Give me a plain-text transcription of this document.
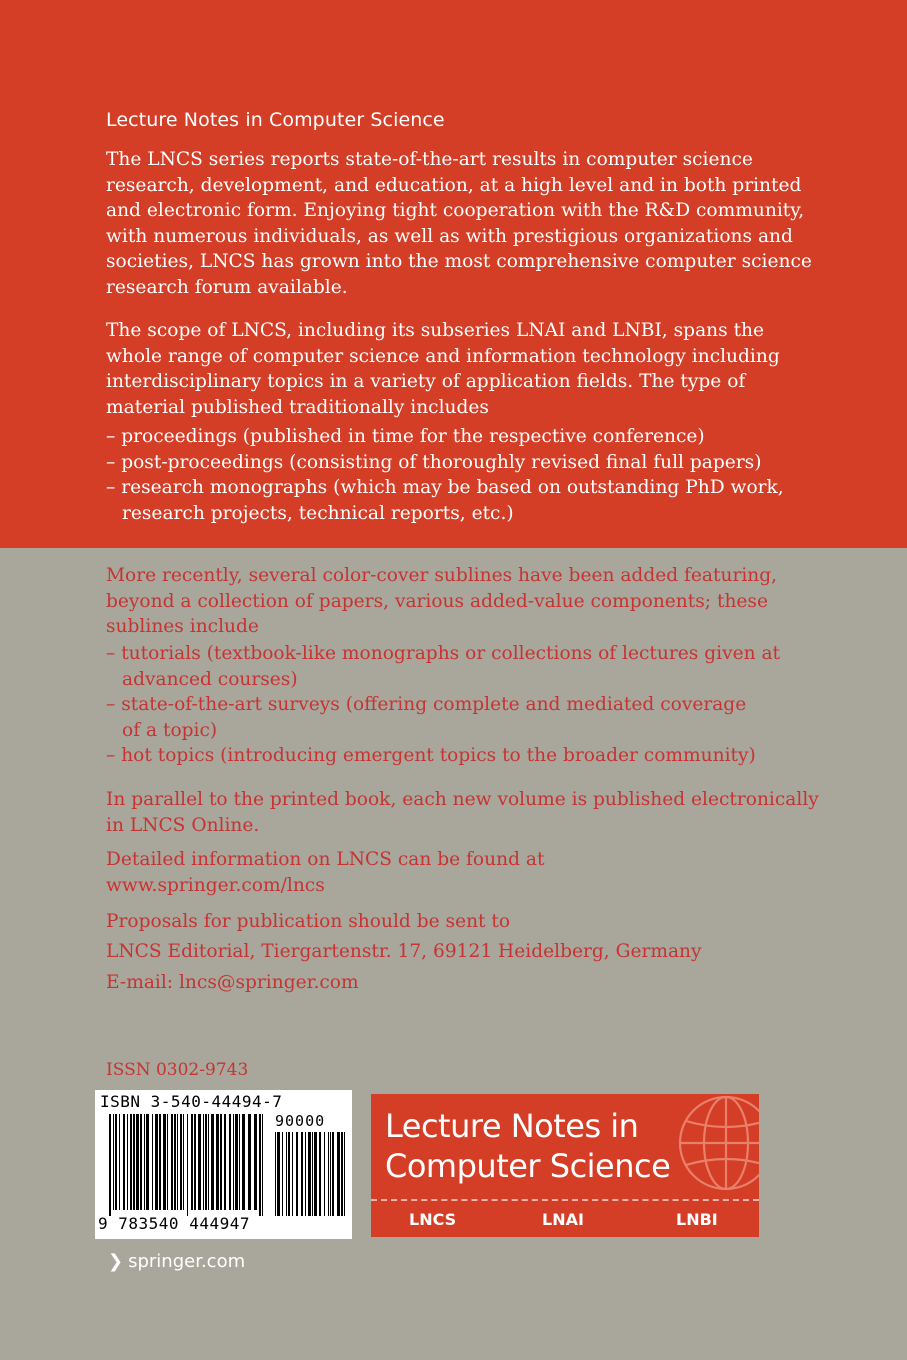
Lecture Notes in Computer Science
The LNCS series reports state-of-the-art results in computer science
research, development, and education, at a high level and in both printed
and electronic form. Enjoying tight cooperation with the R&D community,
with numerous individuals, as well as with prestigious organizations and
societies, LNCS has grown into the most comprehensive computer science
research forum available.
The scope of LNCS, including its subseries LNAI and LNBI, spans the
whole range of computer science and information technology including
interdisciplinary topics in a variety of application fields. The type of
material published traditionally includes
– proceedings (published in time for the respective conference)
– post-proceedings (consisting of thoroughly revised final full papers)
– research monographs (which may be based on outstanding PhD work,
research projects, technical reports, etc.)
More recently, several color-cover sublines have been added featuring,
beyond a collection of papers, various added-value components; these
sublines include
– tutorials (textbook-like monographs or collections of lectures given at
advanced courses)
– state-of-the-art surveys (offering complete and mediated coverage
of a topic)
– hot topics (introducing emergent topics to the broader community)
In parallel to the printed book, each new volume is published electronically
in LNCS Online.
Detailed information on LNCS can be found at
www.springer.com/lncs
Proposals for publication should be sent to
LNCS Editorial, Tiergartenstr. 17, 69121 Heidelberg, Germany
E-mail: lncs@springer.com
ISSN 0302-9743
ISBN 3-540-44494-7
90000
9 783540 444947
Lecture Notes in
Computer Science
LNCS	LNAI	LNBI
❯ springer.com
